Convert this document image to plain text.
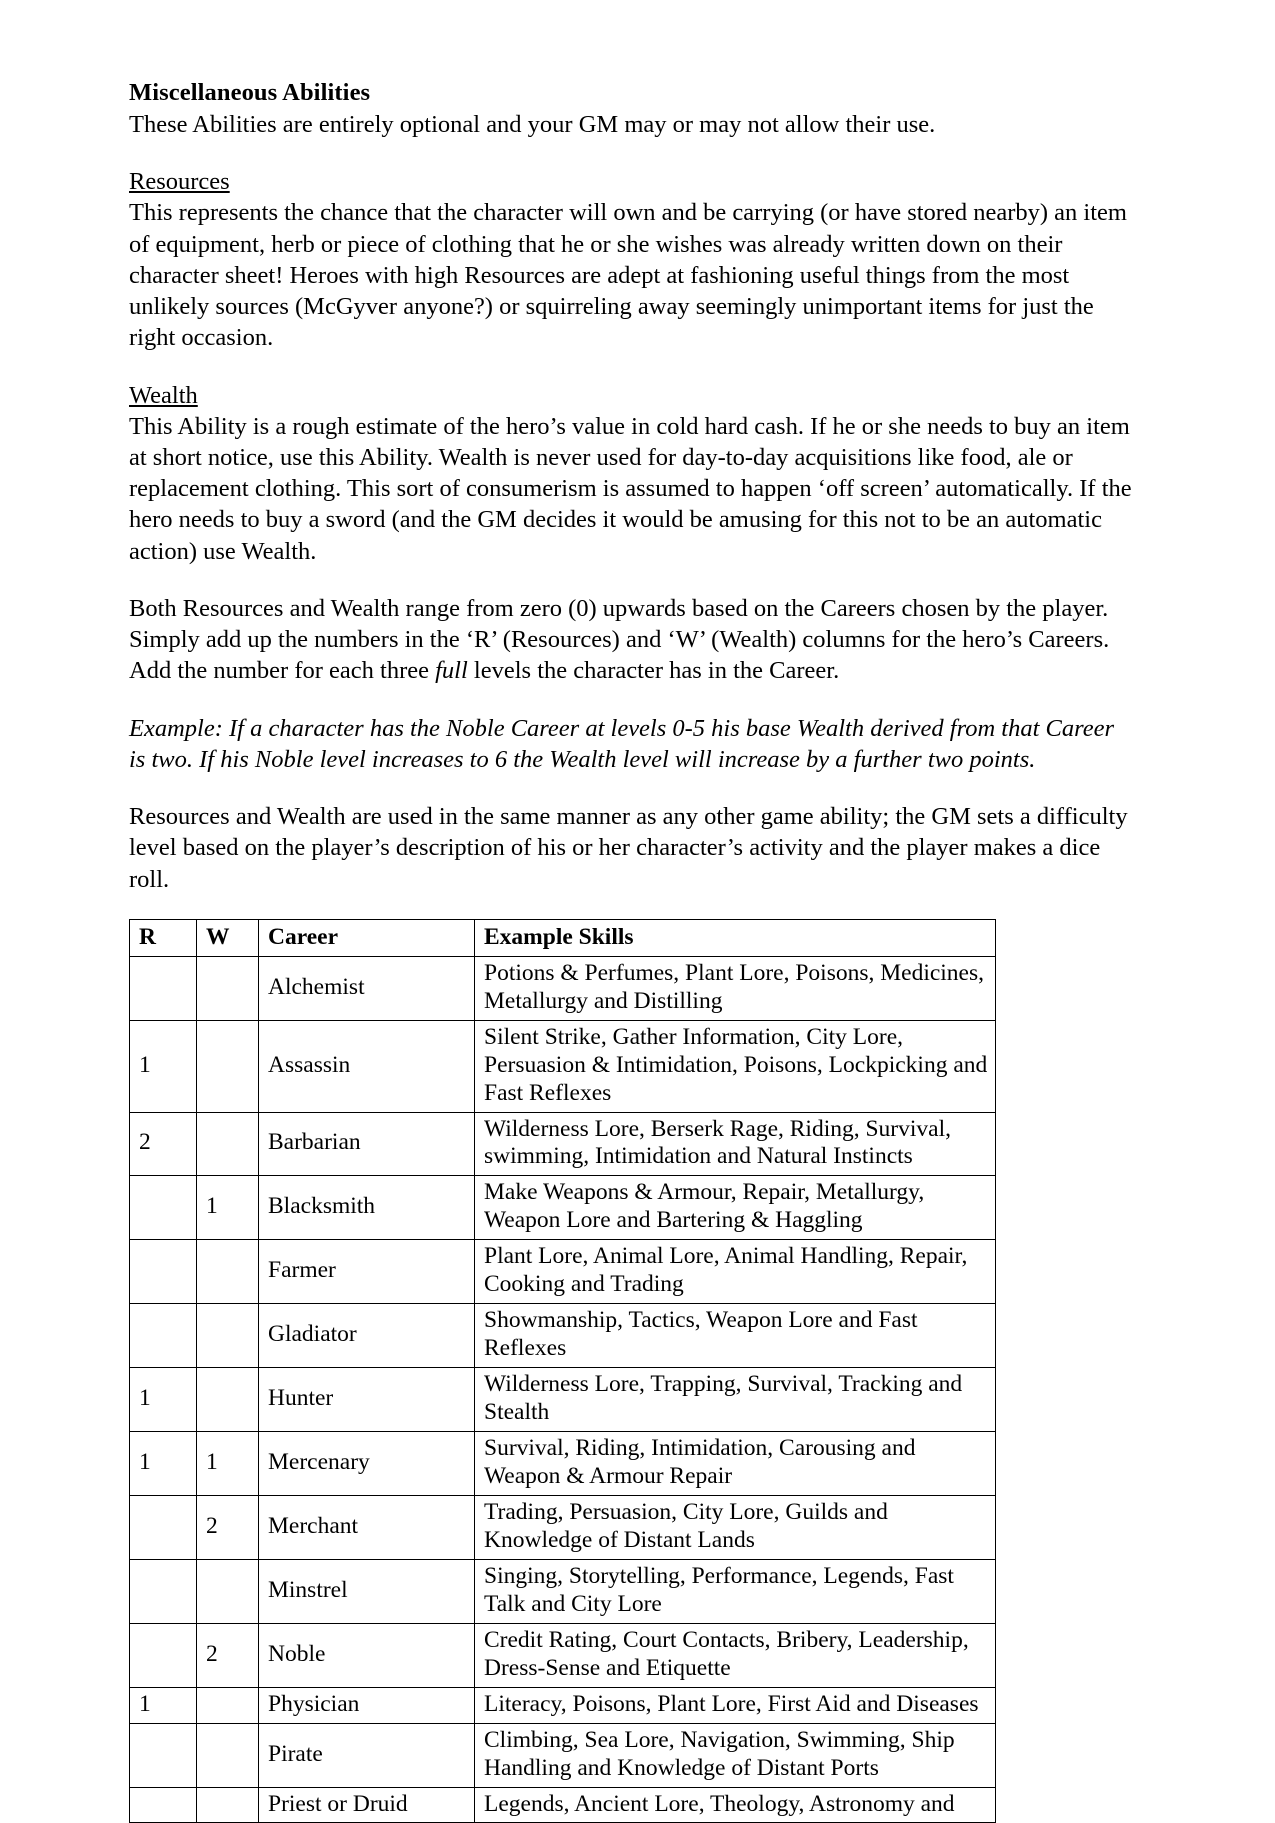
Miscellaneous Abilities

These Abilities are entirely optional and your GM may or may not allow their use.

Resources

This represents the chance that the character will own and be carrying (or have stored nearby) an item of equipment, herb or piece of clothing that he or she wishes was already written down on their character sheet! Heroes with high Resources are adept at fashioning useful things from the most unlikely sources (McGyver anyone?) or squirreling away seemingly unimportant items for just the right occasion.

Wealth

This Ability is a rough estimate of the hero’s value in cold hard cash. If he or she needs to buy an item at short notice, use this Ability. Wealth is never used for day-to-day acquisitions like food, ale or replacement clothing. This sort of consumerism is assumed to happen ‘off screen’ automatically. If the hero needs to buy a sword (and the GM decides it would be amusing for this not to be an automatic action) use Wealth.

Both Resources and Wealth range from zero (0) upwards based on the Careers chosen by the player. Simply add up the numbers in the ‘R’ (Resources) and ‘W’ (Wealth) columns for the hero’s Careers. Add the number for each three full levels the character has in the Career.

Example: If a character has the Noble Career at levels 0-5 his base Wealth derived from that Career is two. If his Noble level increases to 6 the Wealth level will increase by a further two points.

Resources and Wealth are used in the same manner as any other game ability; the GM sets a difficulty level based on the player’s description of his or her character’s activity and the player makes a dice roll.

R	W	Career	Example Skills
		Alchemist	Potions & Perfumes, Plant Lore, Poisons, Medicines, Metallurgy and Distilling
1		Assassin	Silent Strike, Gather Information, City Lore, Persuasion & Intimidation, Poisons, Lockpicking and Fast Reflexes
2		Barbarian	Wilderness Lore, Berserk Rage, Riding, Survival, swimming, Intimidation and Natural Instincts
	1	Blacksmith	Make Weapons & Armour, Repair, Metallurgy, Weapon Lore and Bartering & Haggling
		Farmer	Plant Lore, Animal Lore, Animal Handling, Repair, Cooking and Trading
		Gladiator	Showmanship, Tactics, Weapon Lore and Fast Reflexes
1		Hunter	Wilderness Lore, Trapping, Survival, Tracking and Stealth
1	1	Mercenary	Survival, Riding, Intimidation, Carousing and Weapon & Armour Repair
	2	Merchant	Trading, Persuasion, City Lore, Guilds and Knowledge of Distant Lands
		Minstrel	Singing, Storytelling, Performance, Legends, Fast Talk and City Lore
	2	Noble	Credit Rating, Court Contacts, Bribery, Leadership, Dress-Sense and Etiquette
1		Physician	Literacy, Poisons, Plant Lore, First Aid and Diseases
		Pirate	Climbing, Sea Lore, Navigation, Swimming, Ship Handling and Knowledge of Distant Ports
		Priest or Druid	Legends, Ancient Lore, Theology, Astronomy and
